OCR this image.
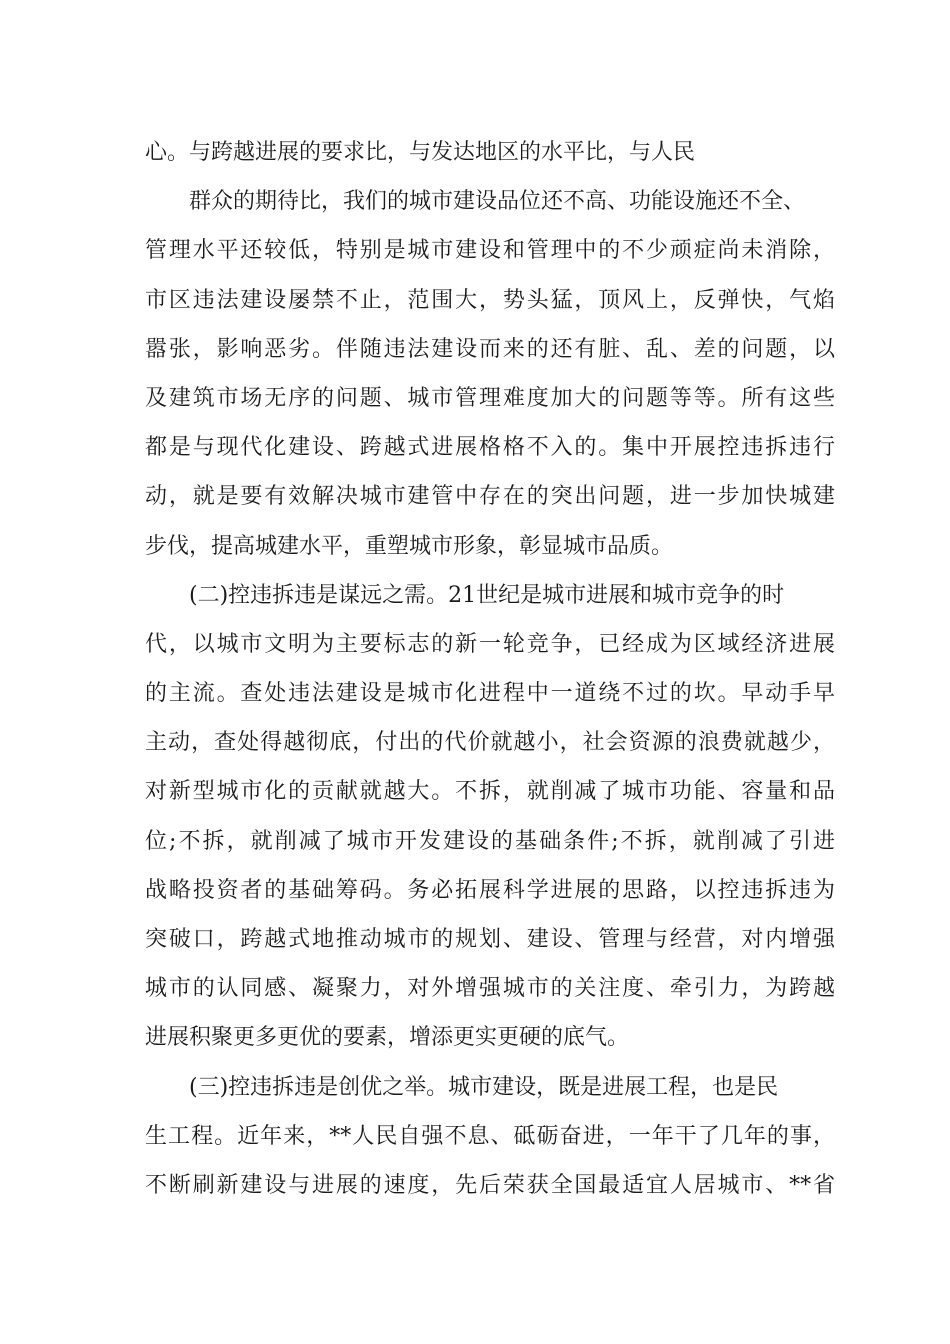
心。与跨越进展的要求比，与发达地区的水平比，与人民
群众的期待比，我们的城市建设品位还不高、功能设施还不全、
管理水平还较低，特别是城市建设和管理中的不少顽症尚未消除，
市区违法建设屡禁不止，范围大，势头猛，顶风上，反弹快，气焰
嚣张，影响恶劣。伴随违法建设而来的还有脏、乱、差的问题，以
及建筑市场无序的问题、城市管理难度加大的问题等等。所有这些
都是与现代化建设、跨越式进展格格不入的。集中开展控违拆违行
动，就是要有效解决城市建管中存在的突出问题，进一步加快城建
步伐，提高城建水平，重塑城市形象，彰显城市品质。
(二)控违拆违是谋远之需。21世纪是城市进展和城市竞争的时
代，以城市文明为主要标志的新一轮竞争，已经成为区域经济进展
的主流。查处违法建设是城市化进程中一道绕不过的坎。早动手早
主动，查处得越彻底，付出的代价就越小，社会资源的浪费就越少，
对新型城市化的贡献就越大。不拆，就削减了城市功能、容量和品
位;不拆，就削减了城市开发建设的基础条件;不拆，就削减了引进
战略投资者的基础筹码。务必拓展科学进展的思路，以控违拆违为
突破口，跨越式地推动城市的规划、建设、管理与经营，对内增强
城市的认同感、凝聚力，对外增强城市的关注度、牵引力，为跨越
进展积聚更多更优的要素，增添更实更硬的底气。
(三)控违拆违是创优之举。城市建设，既是进展工程，也是民
生工程。近年来，**人民自强不息、砥砺奋进，一年干了几年的事，
不断刷新建设与进展的速度，先后荣获全国最适宜人居城市、**省
